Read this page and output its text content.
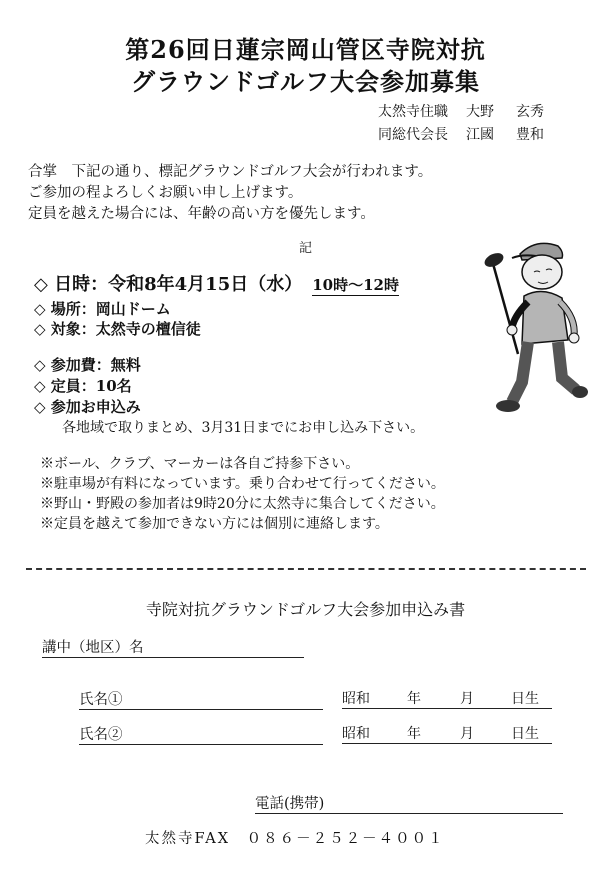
第26回日蓮宗岡山管区寺院対抗
グラウンドゴルフ大会参加募集
太然寺住職 大野 玄秀
同総代会長 江國 豊和
合掌　下記の通り、標記グラウンドゴルフ大会が行われます。
ご参加の程よろしくお願い申し上げます。
定員を越えた場合には、年齢の高い方を優先します。
記
◇ 日時：令和8年4月15日（水） 10時～12時
◇ 場所：岡山ドーム
◇ 対象：太然寺の檀信徒
◇ 参加費：無料
◇ 定員：10名
◇ 参加お申込み
各地域で取りまとめ、3月31日までにお申し込み下さい。
※ボール、クラブ、マーカーは各自ご持参下さい。
※駐車場が有料になっています。乗り合わせて行ってください。
※野山・野殿の参加者は9時20分に太然寺に集合してください。
※定員を越えて参加できない方には個別に連絡します。
寺院対抗グラウンドゴルフ大会参加申込み書
講中（地区）名
氏名①	昭和	年	月	日生
氏名②	昭和	年	月	日生
電話(携帯)
太然寺FAX　０８６－２５２－４００１
